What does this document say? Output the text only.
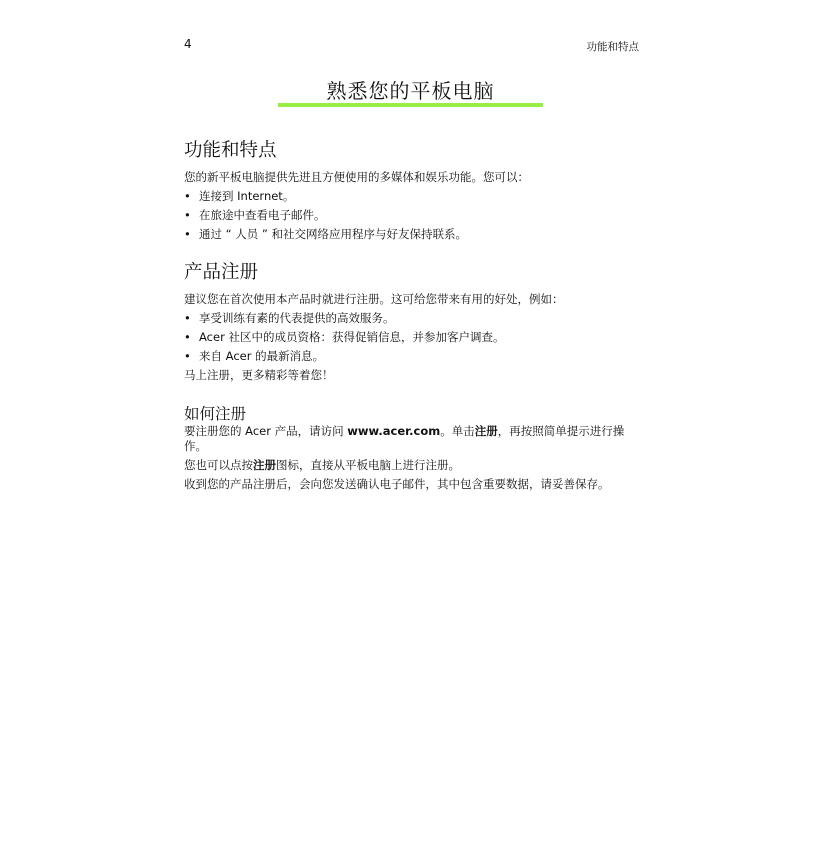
4	功能和特点
熟悉您的平板电脑
功能和特点

您的新平板电脑提供先进且方便使用的多媒体和娱乐功能。您可以：

• 连接到 Internet。
• 在旅途中查看电子邮件。
• 通过 “ 人员 ” 和社交网络应用程序与好友保持联系。
产品注册

建议您在首次使用本产品时就进行注册。这可给您带来有用的好处，例如：

• 享受训练有素的代表提供的高效服务。
• Acer 社区中的成员资格：获得促销信息，并参加客户调查。
• 来自 Acer 的最新消息。

马上注册，更多精彩等着您！

如何注册

要注册您的 Acer 产品，请访问 www.acer.com。单击注册，再按照简单提示进行操作。

您也可以点按注册图标，直接从平板电脑上进行注册。

收到您的产品注册后，会向您发送确认电子邮件，其中包含重要数据，请妥善保存。
